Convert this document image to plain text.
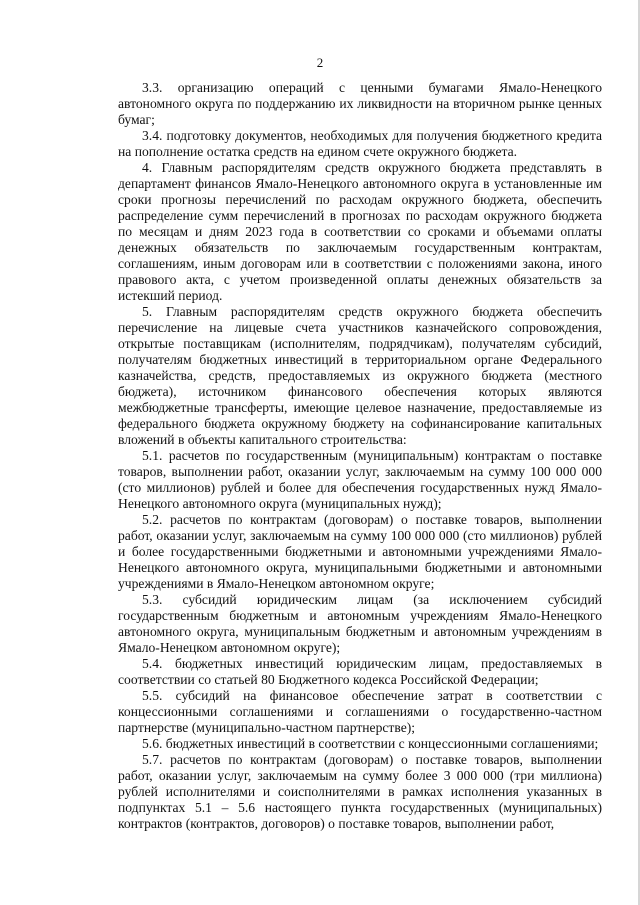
2

3.3. организацию операций с ценными бумагами Ямало-Ненецкого автономного округа по поддержанию их ликвидности на вторичном рынке ценных бумаг;

3.4. подготовку документов, необходимых для получения бюджетного кредита на пополнение остатка средств на едином счете окружного бюджета.

4. Главным распорядителям средств окружного бюджета представлять в департамент финансов Ямало-Ненецкого автономного округа в установленные им сроки прогнозы перечислений по расходам окружного бюджета, обеспечить распределение сумм перечислений в прогнозах по расходам окружного бюджета по месяцам и дням 2023 года в соответствии со сроками и объемами оплаты денежных обязательств по заключаемым государственным контрактам, соглашениям, иным договорам или в соответствии с положениями закона, иного правового акта, с учетом произведенной оплаты денежных обязательств за истекший период.

5. Главным распорядителям средств окружного бюджета обеспечить перечисление на лицевые счета участников казначейского сопровождения, открытые поставщикам (исполнителям, подрядчикам), получателям субсидий, получателям бюджетных инвестиций в территориальном органе Федерального казначейства, средств, предоставляемых из окружного бюджета (местного бюджета), источником финансового обеспечения которых являются межбюджетные трансферты, имеющие целевое назначение, предоставляемые из федерального бюджета окружному бюджету на софинансирование капитальных вложений в объекты капитального строительства:

5.1. расчетов по государственным (муниципальным) контрактам о поставке товаров, выполнении работ, оказании услуг, заключаемым на сумму 100 000 000 (сто миллионов) рублей и более для обеспечения государственных нужд Ямало-Ненецкого автономного округа (муниципальных нужд);

5.2. расчетов по контрактам (договорам) о поставке товаров, выполнении работ, оказании услуг, заключаемым на сумму 100 000 000 (сто миллионов) рублей и более государственными бюджетными и автономными учреждениями Ямало-Ненецкого автономного округа, муниципальными бюджетными и автономными учреждениями в Ямало-Ненецком автономном округе;

5.3. субсидий юридическим лицам (за исключением субсидий государственным бюджетным и автономным учреждениям Ямало-Ненецкого автономного округа, муниципальным бюджетным и автономным учреждениям в Ямало-Ненецком автономном округе);

5.4. бюджетных инвестиций юридическим лицам, предоставляемых в соответствии со статьей 80 Бюджетного кодекса Российской Федерации;

5.5. субсидий на финансовое обеспечение затрат в соответствии с концессионными соглашениями и соглашениями о государственно-частном партнерстве (муниципально-частном партнерстве);

5.6. бюджетных инвестиций в соответствии с концессионными соглашениями;

5.7. расчетов по контрактам (договорам) о поставке товаров, выполнении работ, оказании услуг, заключаемым на сумму более 3 000 000 (три миллиона) рублей исполнителями и соисполнителями в рамках исполнения указанных в подпунктах 5.1 – 5.6 настоящего пункта государственных (муниципальных) контрактов (контрактов, договоров) о поставке товаров, выполнении работ,
